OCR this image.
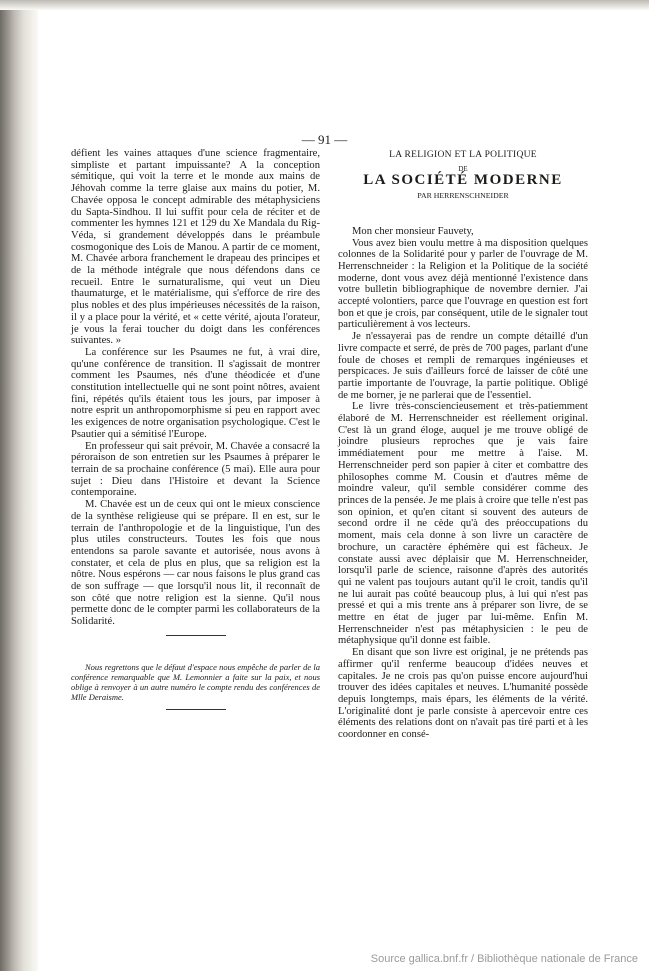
— 91 —

défient les vaines attaques d'une science fragmentaire, simpliste et partant impuissante? A la conception sémitique, qui voit la terre et le monde aux mains de Jéhovah comme la terre glaise aux mains du potier, M. Chavée opposa le concept admirable des métaphysiciens du Sapta-Sindhou. Il lui suffit pour cela de réciter et de commenter les hymnes 121 et 129 du Xe Mandala du Rig-Véda, si grandement développés dans le préambule cosmogonique des Lois de Manou. A partir de ce moment, M. Chavée arbora franchement le drapeau des principes et de la méthode intégrale que nous défendons dans ce recueil. Entre le surnaturalisme, qui veut un Dieu thaumaturge, et le matérialisme, qui s'efforce de rire des plus nobles et des plus impérieuses nécessités de la raison, il y a place pour la vérité, et « cette vérité, ajouta l'orateur, je vous la ferai toucher du doigt dans les conférences suivantes. »

La conférence sur les Psaumes ne fut, à vrai dire, qu'une conférence de transition. Il s'agissait de montrer comment les Psaumes, nés d'une théodicée et d'une constitution intellectuelle qui ne sont point nôtres, avaient fini, répétés qu'ils étaient tous les jours, par imposer à notre esprit un anthropomorphisme si peu en rapport avec les exigences de notre organisation psychologique. C'est le Psautier qui a sémitisé l'Europe.

En professeur qui sait prévoir, M. Chavée a consacré la péroraison de son entretien sur les Psaumes à préparer le terrain de sa prochaine conférence (5 mai). Elle aura pour sujet : Dieu dans l'Histoire et devant la Science contemporaine.

M. Chavée est un de ceux qui ont le mieux conscience de la synthèse religieuse qui se prépare. Il en est, sur le terrain de l'anthropologie et de la linguistique, l'un des plus utiles constructeurs. Toutes les fois que nous entendons sa parole savante et autorisée, nous avons à constater, et cela de plus en plus, que sa religion est la nôtre. Nous espérons — car nous faisons le plus grand cas de son suffrage — que lorsqu'il nous lit, il reconnaît de son côté que notre religion est la sienne. Qu'il nous permette donc de le compter parmi les collaborateurs de la Solidarité.

Nous regrettons que le défaut d'espace nous empêche de parler de la conférence remarquable que M. Lemonnier a faite sur la paix, et nous oblige à renvoyer à un autre numéro le compte rendu des conférences de Mlle Deraisme.
LA RELIGION ET LA POLITIQUE
DE
LA SOCIÉTÉ MODERNE
PAR HERRENSCHNEIDER

Mon cher monsieur Fauvety,

Vous avez bien voulu mettre à ma disposition quelques colonnes de la Solidarité pour y parler de l'ouvrage de M. Herrenschneider : la Religion et la Politique de la société moderne, dont vous avez déjà mentionné l'existence dans votre bulletin bibliographique de novembre dernier. J'ai accepté volontiers, parce que l'ouvrage en question est fort bon et que je crois, par conséquent, utile de le signaler tout particulièrement à vos lecteurs.

Je n'essayerai pas de rendre un compte détaillé d'un livre compacte et serré, de près de 700 pages, parlant d'une foule de choses et rempli de remarques ingénieuses et perspicaces. Je suis d'ailleurs forcé de laisser de côté une partie importante de l'ouvrage, la partie politique. Obligé de me borner, je ne parlerai que de l'essentiel.

Le livre très-consciencieusement et très-patiemment élaboré de M. Herrenschneider est réellement original. C'est là un grand éloge, auquel je me trouve obligé de joindre plusieurs reproches que je vais faire immédiatement pour me mettre à l'aise. M. Herrenschneider perd son papier à citer et combattre des philosophes comme M. Cousin et d'autres même de moindre valeur, qu'il semble considérer comme des princes de la pensée. Je me plais à croire que telle n'est pas son opinion, et qu'en citant si souvent des auteurs de second ordre il ne cède qu'à des préoccupations du moment, mais cela donne à son livre un caractère de brochure, un caractère éphémère qui est fâcheux. Je constate aussi avec déplaisir que M. Herrenschneider, lorsqu'il parle de science, raisonne d'après des autorités qui ne valent pas toujours autant qu'il le croit, tandis qu'il ne lui aurait pas coûté beaucoup plus, à lui qui n'est pas pressé et qui a mis trente ans à préparer son livre, de se mettre en état de juger par lui-même. Enfin M. Herrenschneider n'est pas métaphysicien : le peu de métaphysique qu'il donne est faible.

En disant que son livre est original, je ne prétends pas affirmer qu'il renferme beaucoup d'idées neuves et capitales. Je ne crois pas qu'on puisse encore aujourd'hui trouver des idées capitales et neuves. L'humanité possède depuis longtemps, mais épars, les éléments de la vérité. L'originalité dont je parle consiste à apercevoir entre ces éléments des relations dont on n'avait pas tiré parti et à les coordonner en consé-

Source gallica.bnf.fr / Bibliothèque nationale de France
